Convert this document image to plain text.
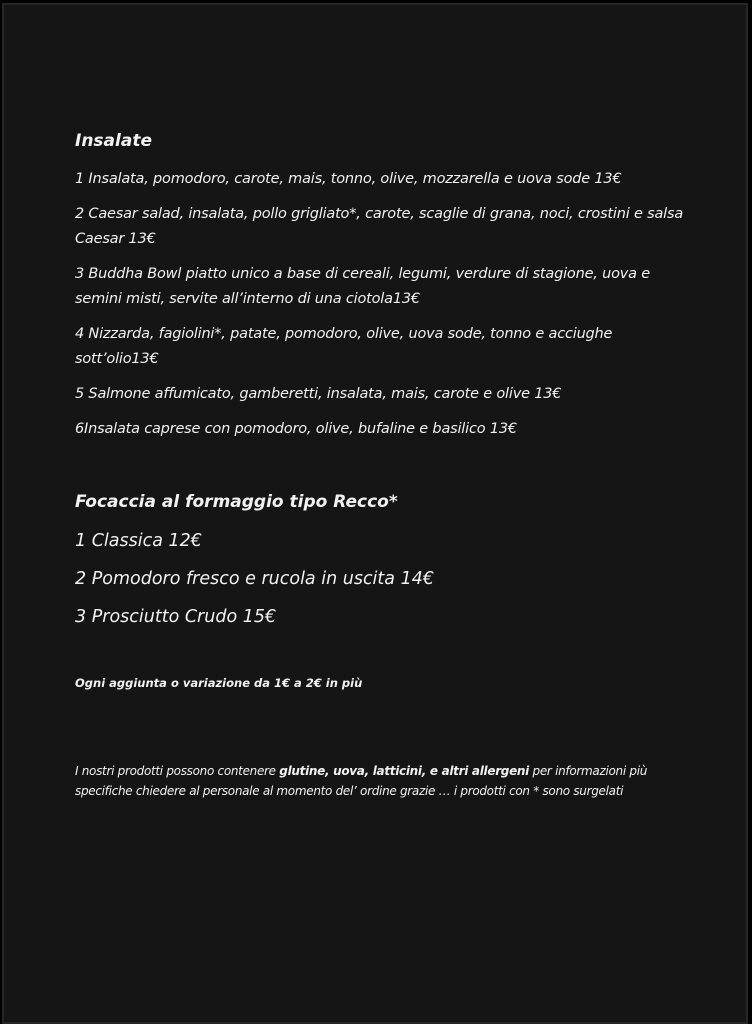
Insalate

1 Insalata, pomodoro, carote, mais, tonno, olive, mozzarella e uova sode 13€

2 Caesar salad, insalata, pollo grigliato*, carote, scaglie di grana, noci, crostini e salsa Caesar 13€

3 Buddha Bowl piatto unico a base di cereali, legumi, verdure di stagione, uova e semini misti, servite all’interno di una ciotola13€

4 Nizzarda, fagiolini*, patate, pomodoro, olive, uova sode, tonno e acciughe sott’olio13€

5 Salmone affumicato, gamberetti, insalata, mais, carote e olive 13€

6Insalata caprese con pomodoro, olive, bufaline e basilico 13€

Focaccia al formaggio tipo Recco*

1 Classica 12€

2 Pomodoro fresco e rucola in uscita 14€

3 Prosciutto Crudo 15€

Ogni aggiunta o variazione da 1€ a 2€ in più

I nostri prodotti possono contenere glutine, uova, latticini, e altri allergeni per informazioni più specifiche chiedere al personale al momento del’ ordine grazie … i prodotti con * sono surgelati
